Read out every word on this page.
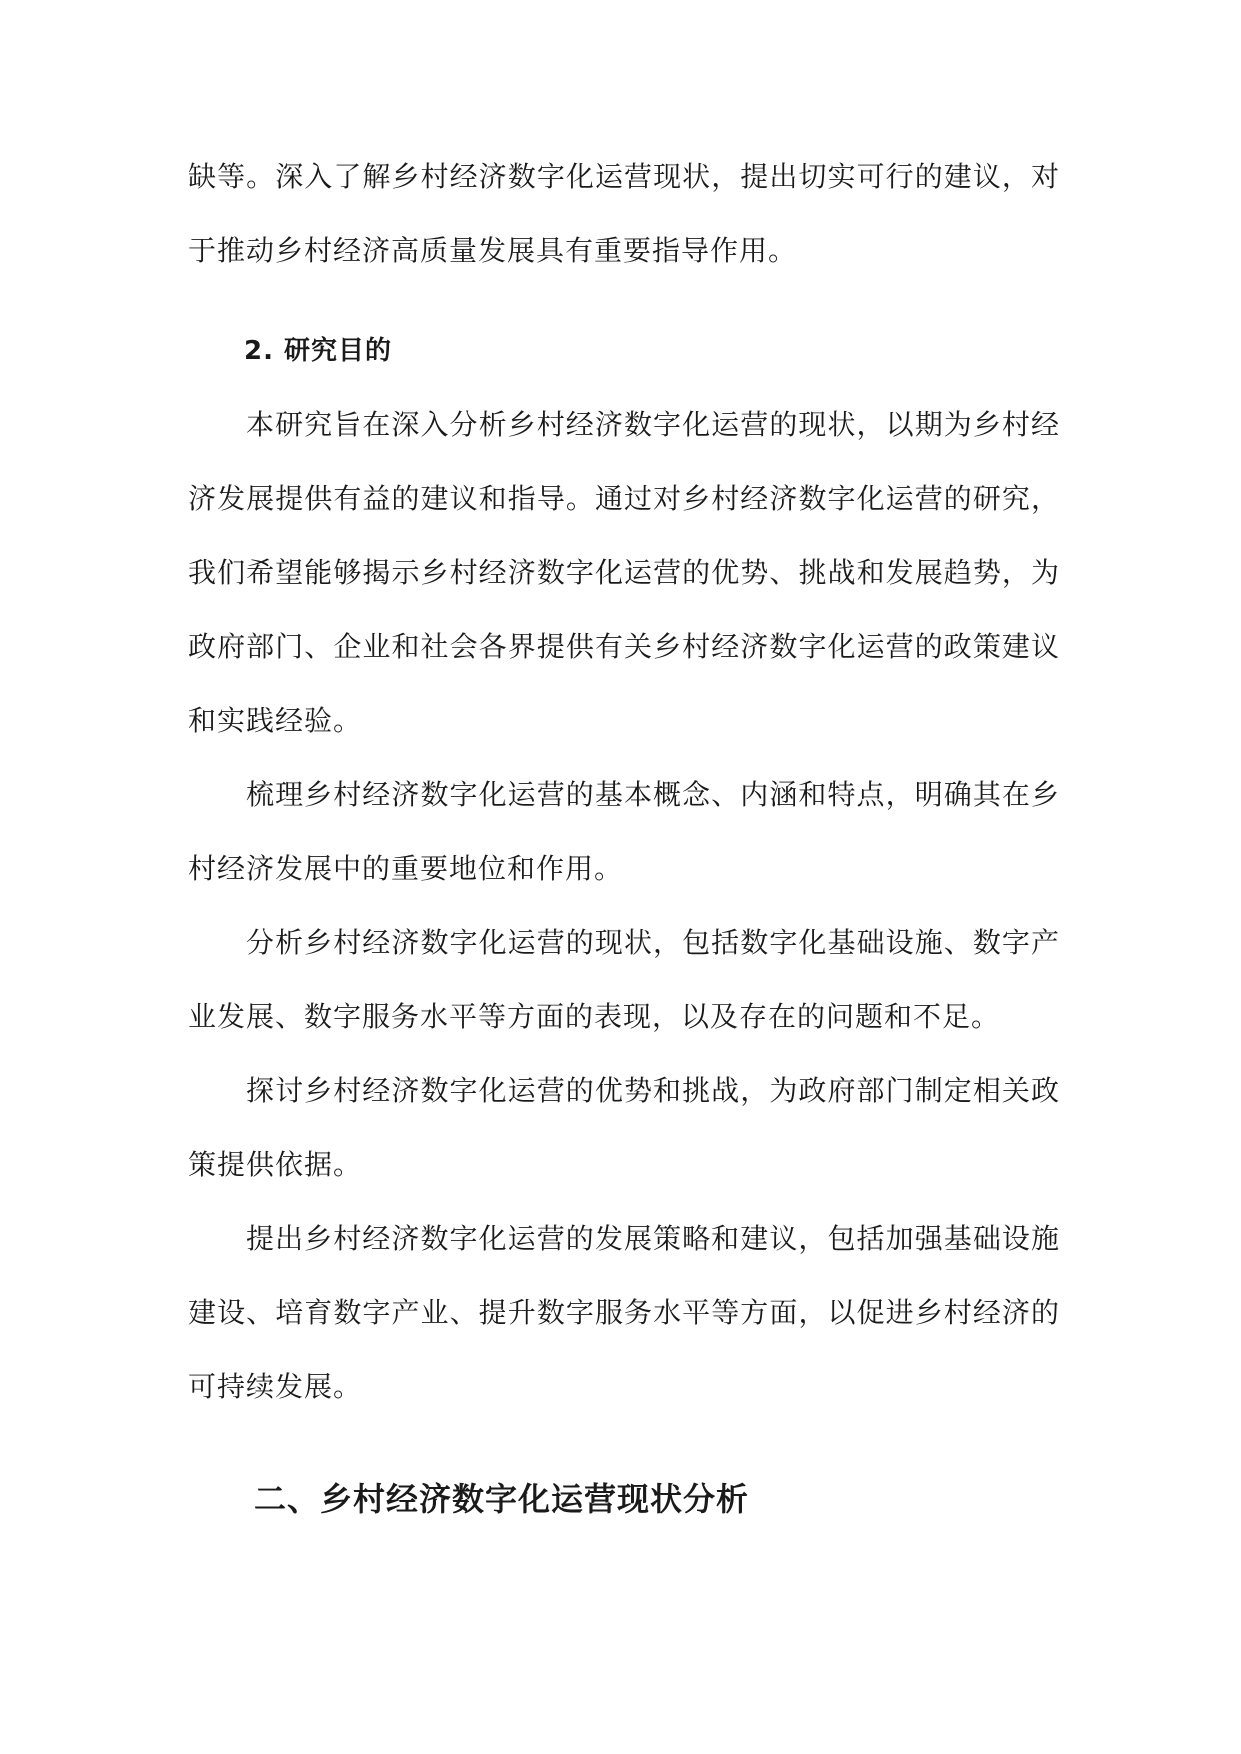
缺等。深入了解乡村经济数字化运营现状，提出切实可行的建议，对于推动乡村经济高质量发展具有重要指导作用。

2. 研究目的

本研究旨在深入分析乡村经济数字化运营的现状，以期为乡村经济发展提供有益的建议和指导。通过对乡村经济数字化运营的研究，我们希望能够揭示乡村经济数字化运营的优势、挑战和发展趋势，为政府部门、企业和社会各界提供有关乡村经济数字化运营的政策建议和实践经验。

梳理乡村经济数字化运营的基本概念、内涵和特点，明确其在乡村经济发展中的重要地位和作用。

分析乡村经济数字化运营的现状，包括数字化基础设施、数字产业发展、数字服务水平等方面的表现，以及存在的问题和不足。

探讨乡村经济数字化运营的优势和挑战，为政府部门制定相关政策提供依据。

提出乡村经济数字化运营的发展策略和建议，包括加强基础设施建设、培育数字产业、提升数字服务水平等方面，以促进乡村经济的可持续发展。

二、乡村经济数字化运营现状分析
